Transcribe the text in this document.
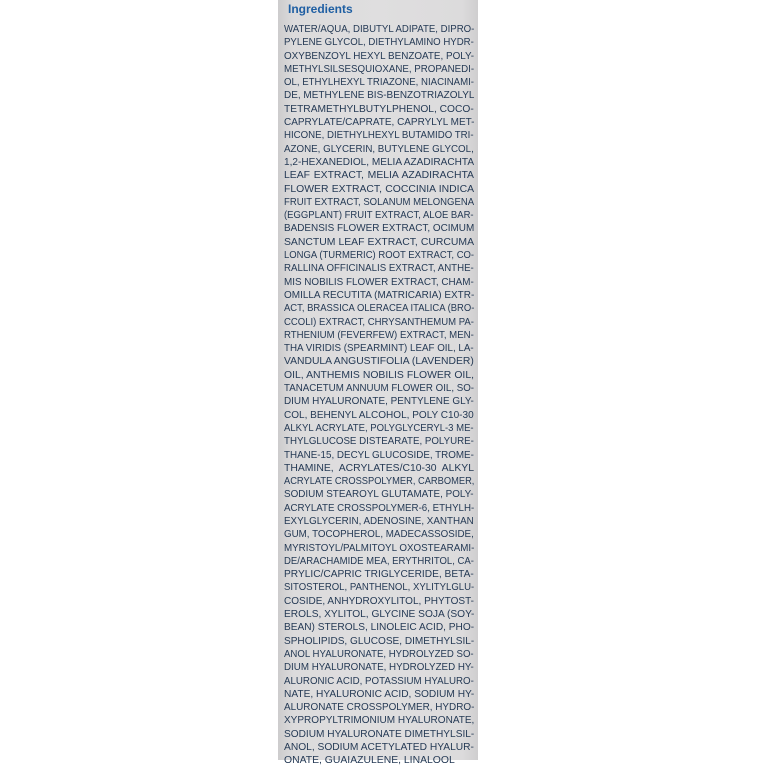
Ingredients
WATER/AQUA, DIBUTYL ADIPATE, DIPRO-
PYLENE GLYCOL, DIETHYLAMINO HYDR-
OXYBENZOYL HEXYL BENZOATE, POLY-
METHYLSILSESQUIOXANE, PROPANEDI-
OL, ETHYLHEXYL TRIAZONE, NIACINAMI-
DE, METHYLENE BIS-BENZOTRIAZOLYL
TETRAMETHYLBUTYLPHENOL, COCO-
CAPRYLATE/CAPRATE, CAPRYLYL MET-
HICONE, DIETHYLHEXYL BUTAMIDO TRI-
AZONE, GLYCERIN, BUTYLENE GLYCOL,
1,2-HEXANEDIOL, MELIA AZADIRACHTA
LEAF EXTRACT, MELIA AZADIRACHTA
FLOWER EXTRACT, COCCINIA INDICA
FRUIT EXTRACT, SOLANUM MELONGENA
(EGGPLANT) FRUIT EXTRACT, ALOE BAR-
BADENSIS FLOWER EXTRACT, OCIMUM
SANCTUM LEAF EXTRACT, CURCUMA
LONGA (TURMERIC) ROOT EXTRACT, CO-
RALLINA OFFICINALIS EXTRACT, ANTHE-
MIS NOBILIS FLOWER EXTRACT, CHAM-
OMILLA RECUTITA (MATRICARIA) EXTR-
ACT, BRASSICA OLERACEA ITALICA (BRO-
CCOLI) EXTRACT, CHRYSANTHEMUM PA-
RTHENIUM (FEVERFEW) EXTRACT, MEN-
THA VIRIDIS (SPEARMINT) LEAF OIL, LA-
VANDULA ANGUSTIFOLIA (LAVENDER)
OIL, ANTHEMIS NOBILIS FLOWER OIL,
TANACETUM ANNUUM FLOWER OIL, SO-
DIUM HYALURONATE, PENTYLENE GLY-
COL, BEHENYL ALCOHOL, POLY C10-30
ALKYL ACRYLATE, POLYGLYCERYL-3 ME-
THYLGLUCOSE DISTEARATE, POLYURE-
THANE-15, DECYL GLUCOSIDE, TROME-
THAMINE, ACRYLATES/C10-30 ALKYL
ACRYLATE CROSSPOLYMER, CARBOMER,
SODIUM STEAROYL GLUTAMATE, POLY-
ACRYLATE CROSSPOLYMER-6, ETHYLH-
EXYLGLYCERIN, ADENOSINE, XANTHAN
GUM, TOCOPHEROL, MADECASSOSIDE,
MYRISTOYL/PALMITOYL OXOSTEARAMI-
DE/ARACHAMIDE MEA, ERYTHRITOL, CA-
PRYLIC/CAPRIC TRIGLYCERIDE, BETA-
SITOSTEROL, PANTHENOL, XYLITYLGLU-
COSIDE, ANHYDROXYLITOL, PHYTOST-
EROLS, XYLITOL, GLYCINE SOJA (SOY-
BEAN) STEROLS, LINOLEIC ACID, PHO-
SPHOLIPIDS, GLUCOSE, DIMETHYLSIL-
ANOL HYALURONATE, HYDROLYZED SO-
DIUM HYALURONATE, HYDROLYZED HY-
ALURONIC ACID, POTASSIUM HYALURO-
NATE, HYALURONIC ACID, SODIUM HY-
ALURONATE CROSSPOLYMER, HYDRO-
XYPROPYLTRIMONIUM HYALURONATE,
SODIUM HYALURONATE DIMETHYLSIL-
ANOL, SODIUM ACETYLATED HYALUR-
ONATE, GUAIAZULENE, LINALOOL
